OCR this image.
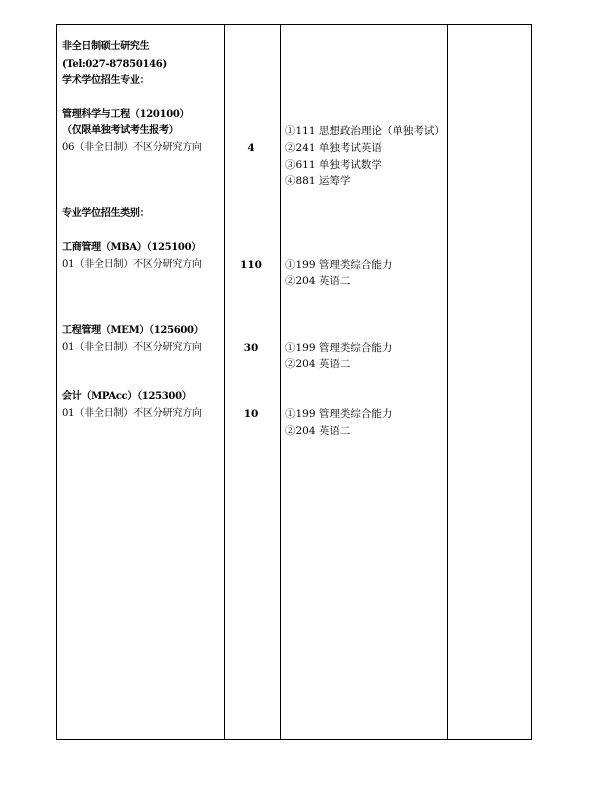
非全日制硕士研究生
(Tel:027-87850146)
学术学位招生专业：
管理科学与工程（120100）
（仅限单独考试考生报考）
06（非全日制）不区分研究方向
专业学位招生类别：
工商管理（MBA）（125100）
01（非全日制）不区分研究方向
工程管理（MEM）（125600）
01（非全日制）不区分研究方向
会计（MPAcc）（125300）
01（非全日制）不区分研究方向
4
110
30
10
①111 思想政治理论（单独考试）
②241 单独考试英语
③611 单独考试数学
④881 运筹学
①199 管理类综合能力
②204 英语二
①199 管理类综合能力
②204 英语二
①199 管理类综合能力
②204 英语二
